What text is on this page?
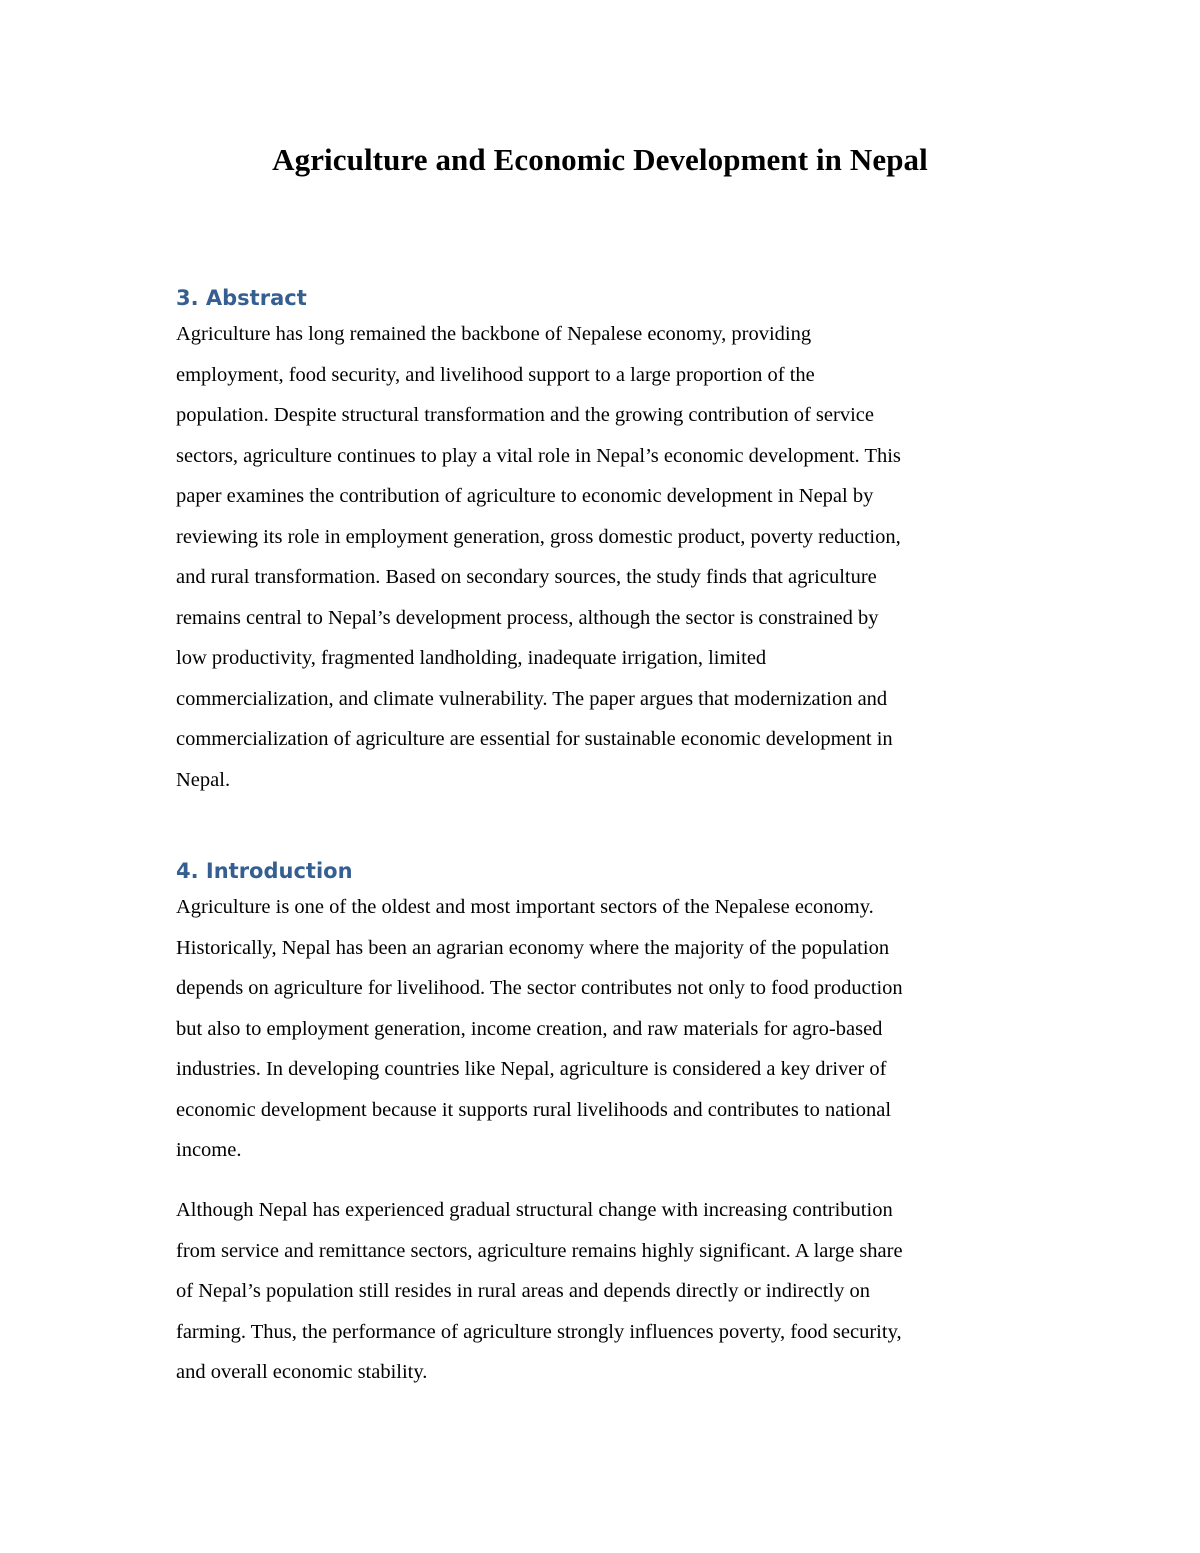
Agriculture and Economic Development in Nepal
3. Abstract

Agriculture has long remained the backbone of Nepalese economy, providing
employment, food security, and livelihood support to a large proportion of the
population. Despite structural transformation and the growing contribution of service
sectors, agriculture continues to play a vital role in Nepal’s economic development. This
paper examines the contribution of agriculture to economic development in Nepal by
reviewing its role in employment generation, gross domestic product, poverty reduction,
and rural transformation. Based on secondary sources, the study finds that agriculture
remains central to Nepal’s development process, although the sector is constrained by
low productivity, fragmented landholding, inadequate irrigation, limited
commercialization, and climate vulnerability. The paper argues that modernization and
commercialization of agriculture are essential for sustainable economic development in
Nepal.

4. Introduction

Agriculture is one of the oldest and most important sectors of the Nepalese economy.
Historically, Nepal has been an agrarian economy where the majority of the population
depends on agriculture for livelihood. The sector contributes not only to food production
but also to employment generation, income creation, and raw materials for agro-based
industries. In developing countries like Nepal, agriculture is considered a key driver of
economic development because it supports rural livelihoods and contributes to national
income.

Although Nepal has experienced gradual structural change with increasing contribution
from service and remittance sectors, agriculture remains highly significant. A large share
of Nepal’s population still resides in rural areas and depends directly or indirectly on
farming. Thus, the performance of agriculture strongly influences poverty, food security,
and overall economic stability.
